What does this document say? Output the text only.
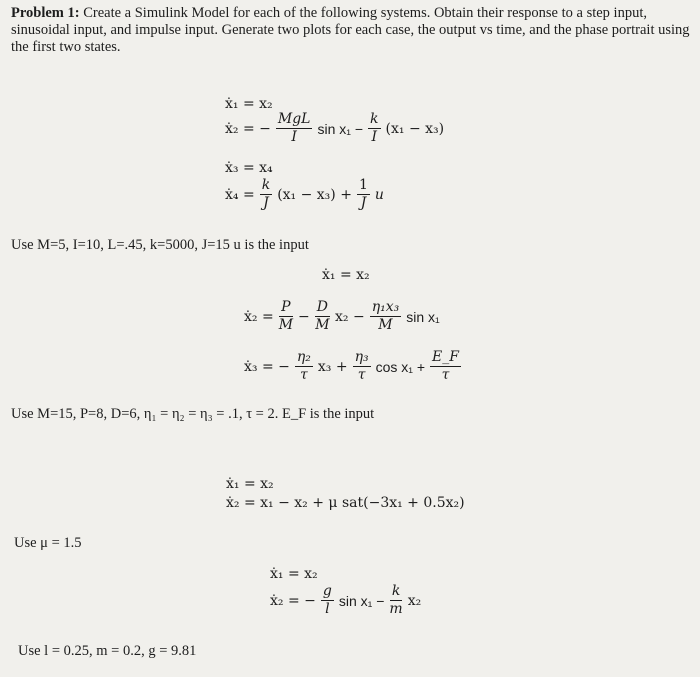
Problem 1: Create a Simulink Model for each of the following systems. Obtain their response to a step input, sinusoidal input, and impulse input. Generate two plots for each case, the output vs time, and the phase portrait using the first two states.
ẋ₁ = x₂
ẋ₂ = − $\frac{\text{MgL}}{I}$ $\sin x_1 - \frac{k}{I} (x_1 - x_3)$
ẋ₃ = x₄
ẋ₄ = $\frac{k}{J} (x_1 - x_3) + \frac{1}{J}$ u
Use M=5, I=10, L=.45, k=5000, J=15 u is the input
ẋ₁ = x₂
ẋ₂ = $\frac{P}{M} - \frac{D}{M} x_2 - \frac{\text{η₁x₃}}{M}$ sin x₁
ẋ₃ = − $\frac{\text{η₂}}{\tau} x_3 + \frac{\text{η₃}}{\tau}$ $\cos x_1 + \frac{E\_F}{\tau}$
Use M=15, P=8, D=6, η₁ = η₂ = η₃ = .1, τ = 2. E_F is the input
ẋ₁ = x₂
ẋ₂ = x₁ − x₂ + μ sat(−3x₁ + 0.5x₂)
Use μ = 1.5
ẋ₁ = x₂
ẋ₂ = − $\frac{g}{l}$ $\sin x_1 - \frac{k}{m} x_2$
Use l = 0.25, m = 0.2, g = 9.81
